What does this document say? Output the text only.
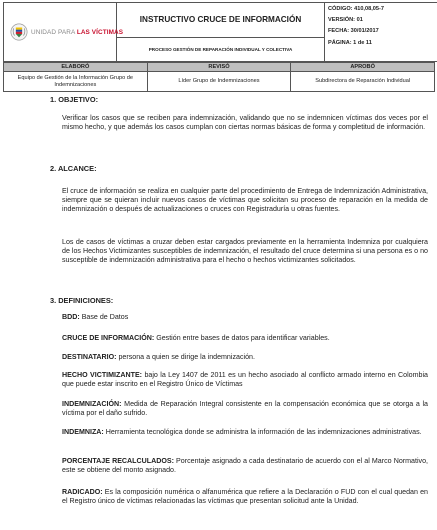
UNIDAD PARA LAS VÍCTIMAS

INSTRUCTIVO CRUCE DE INFORMACIÓN
PROCESO GESTIÓN DE REPARACIÓN INDIVIDUAL Y COLECTIVA

CÓDIGO: 410,08,05-7
VERSIÓN: 01
FECHA: 30/01/2017
PÁGINA: 1 de 11
ELABORÓ	REVISÓ	APROBÓ
Equipo de Gestión de la Información Grupo de Indemnizaciones	Líder Grupo de Indemnizaciones	Subdirectora de Reparación Individual
1. OBJETIVO:
Verificar los casos que se reciben para indemnización, validando que no se indemnicen víctimas dos veces por el mismo hecho, y que además los casos cumplan con ciertas normas básicas de forma y completitud de información.
2. ALCANCE:
El cruce de información se realiza en cualquier parte del procedimiento de Entrega de Indemnización Administrativa, siempre que se quieran incluir nuevos casos de víctimas que solicitan su proceso de reparación en la medida de indemnización o después de actualizaciones o cruces con Registraduría u otras fuentes.
Los de casos de víctimas a cruzar deben estar cargados previamente en la herramienta Indemniza por cualquiera de los Hechos Victimizantes susceptibles de indemnización, el resultado del cruce determina si una persona es o no susceptible de indemnización administrativa para el hecho o hechos victimizantes solicitados.
3. DEFINICIONES:
BDD: Base de Datos
CRUCE DE INFORMACIÓN: Gestión entre bases de datos para identificar variables.
DESTINATARIO: persona a quien se dirige la indemnización.
HECHO VICTIMIZANTE: bajo la Ley 1407 de 2011 es un hecho asociado al conflicto armado interno en Colombia que puede estar inscrito en el Registro Único de Víctimas
INDEMNIZACIÓN: Medida de Reparación Integral consistente en la compensación económica que se otorga a la víctima por el daño sufrido.
INDEMNIZA: Herramienta tecnológica donde se administra la información de las indemnizaciones administrativas.
PORCENTAJE RECALCULADOS: Porcentaje asignado a cada destinatario de acuerdo con el al Marco Normativo, este se obtiene del monto asignado.
RADICADO: Es la composición numérica o alfanumérica que refiere a la Declaración o FUD con el cual quedan en el Registro único de víctimas relacionadas las víctimas que presentan solicitud ante la Unidad.
